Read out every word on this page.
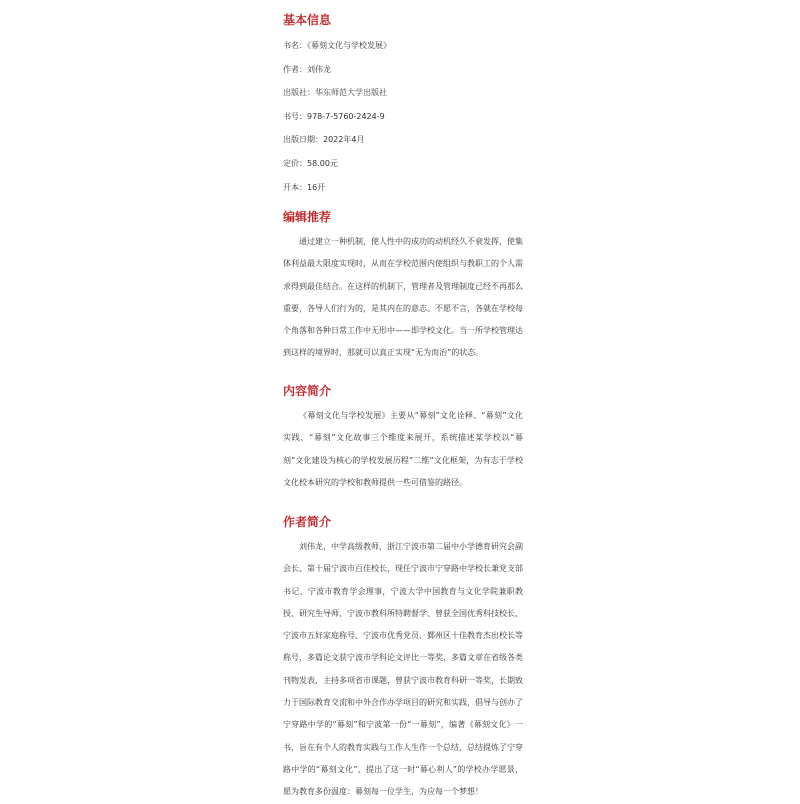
基本信息

书名：《幕刻文化与学校发展》

作者：刘伟龙

出版社：华东师范大学出版社

书号：978-7-5760-2424-9

出版日期：2022年4月

定价：58.00元

开本：16开

编辑推荐

通过建立一种机制，使人性中的成功的动机经久不衰发挥，使集体利益最大限度实现时，从而在学校范围内使组织与教职工的个人需求得到最佳结合。在这样的机制下，管理者及管理制度已经不再那么重要，各导人们行为的，是其内在的意志。不愿不言，各就在学校每个角落和各种日常工作中无形中——即学校文化。当一所学校管理达到这样的境界时，那就可以真正实现“无为而治”的状态。

内容简介

《幕刻文化与学校发展》主要从“幕刻”文化诠释、“幕刻”文化实践、“幕刻”文化故事三个维度来展开，系统描述某学校以“幕刻”文化建设为核心的学校发展历程“二维”文化框架，为有志于学校文化校本研究的学校和教师提供一些可借鉴的路径。

作者简介

刘伟龙，中学高级教师，浙江宁波市第二届中小学德育研究会副会长、第十届宁波市百佳校长，现任宁波市宁穿路中学校长兼党支部书记、宁波市教育学会理事，宁波大学中国教育与文化学院兼职教授、研究生导师、宁波市教科所特聘督学、曾获全国优秀科技校长、宁波市五好家庭称号、宁波市优秀党员、鄞州区十佳教育杰出校长等称号，多篇论文获宁波市学科论文评比一等奖，多篇文章在省级各类刊物发表，主持多项省市课题，曾获宁波市教育科研一等奖，长期致力于国际教育交流和中外合作办学项目的研究和实践，倡导与创办了宁穿路中学的“幕刻”和宁波第一份“一幕刻”，编著《幕刻文化》一书，旨在有个人的教育实践与工作人生作一个总结，总结提炼了宁穿路中学的“幕刻文化”，提出了这一时“幕心利人”的学校办学愿景，愿为教育多份温度：幕刻每一位学生，为应每一个梦想！
